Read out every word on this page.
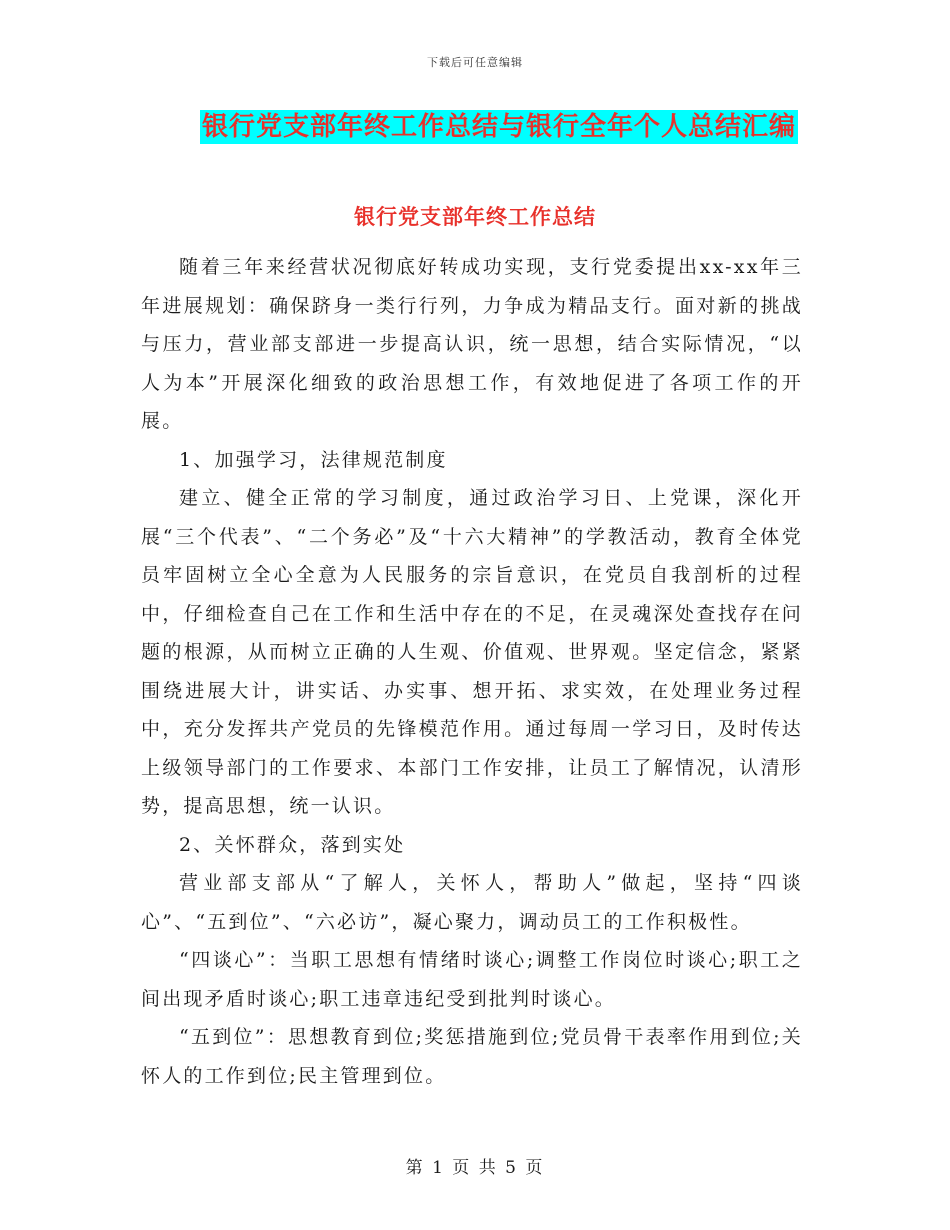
下载后可任意编辑
银行党支部年终工作总结与银行全年个人总结汇编
银行党支部年终工作总结

随着三年来经营状况彻底好转成功实现，支行党委提出xx-xx年三年进展规划：确保跻身一类行行列，力争成为精品支行。面对新的挑战与压力，营业部支部进一步提高认识，统一思想，结合实际情况，“以人为本”开展深化细致的政治思想工作，有效地促进了各项工作的开展。

1、加强学习，法律规范制度

建立、健全正常的学习制度，通过政治学习日、上党课，深化开展“三个代表”、“二个务必”及“十六大精神”的学教活动，教育全体党员牢固树立全心全意为人民服务的宗旨意识，在党员自我剖析的过程中，仔细检查自己在工作和生活中存在的不足，在灵魂深处查找存在问题的根源，从而树立正确的人生观、价值观、世界观。坚定信念，紧紧围绕进展大计，讲实话、办实事、想开拓、求实效，在处理业务过程中，充分发挥共产党员的先锋模范作用。通过每周一学习日，及时传达上级领导部门的工作要求、本部门工作安排，让员工了解情况，认清形势，提高思想，统一认识。

2、关怀群众，落到实处

营业部支部从“了解人，关怀人，帮助人”做起，坚持“四谈心”、“五到位”、“六必访”，凝心聚力，调动员工的工作积极性。

“四谈心”：当职工思想有情绪时谈心;调整工作岗位时谈心;职工之间出现矛盾时谈心;职工违章违纪受到批判时谈心。

“五到位”：思想教育到位;奖惩措施到位;党员骨干表率作用到位;关怀人的工作到位;民主管理到位。

第 1 页 共 5 页
